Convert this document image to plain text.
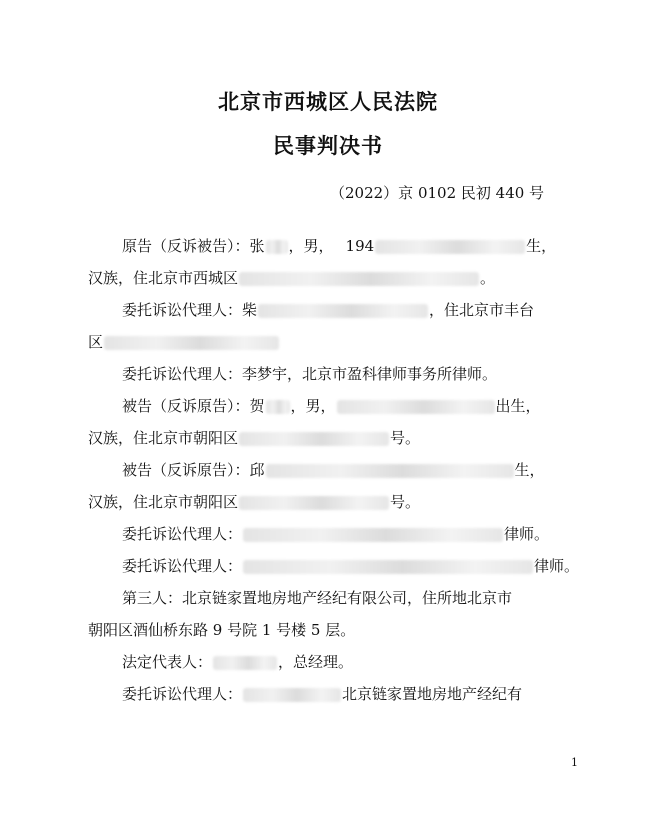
北京市西城区人民法院
民事判决书
（2022）京 0102 民初 440 号
原告（反诉被告）：张 ，男， 194	生，
汉族，住北京市西城区	。
委托诉讼代理人：柴	，住北京市丰台
区
委托诉讼代理人：李梦宇，北京市盈科律师事务所律师。
被告（反诉原告）：贺 ，男，	出生，
汉族，住北京市朝阳区	号。
被告（反诉原告）：邱	生，
汉族，住北京市朝阳区	号。
委托诉讼代理人：	律师。
委托诉讼代理人：	律师。
第三人：北京链家置地房地产经纪有限公司，住所地北京市
朝阳区酒仙桥东路 9 号院 1 号楼 5 层。
法定代表人：	，总经理。
委托诉讼代理人：	北京链家置地房地产经纪有
1
